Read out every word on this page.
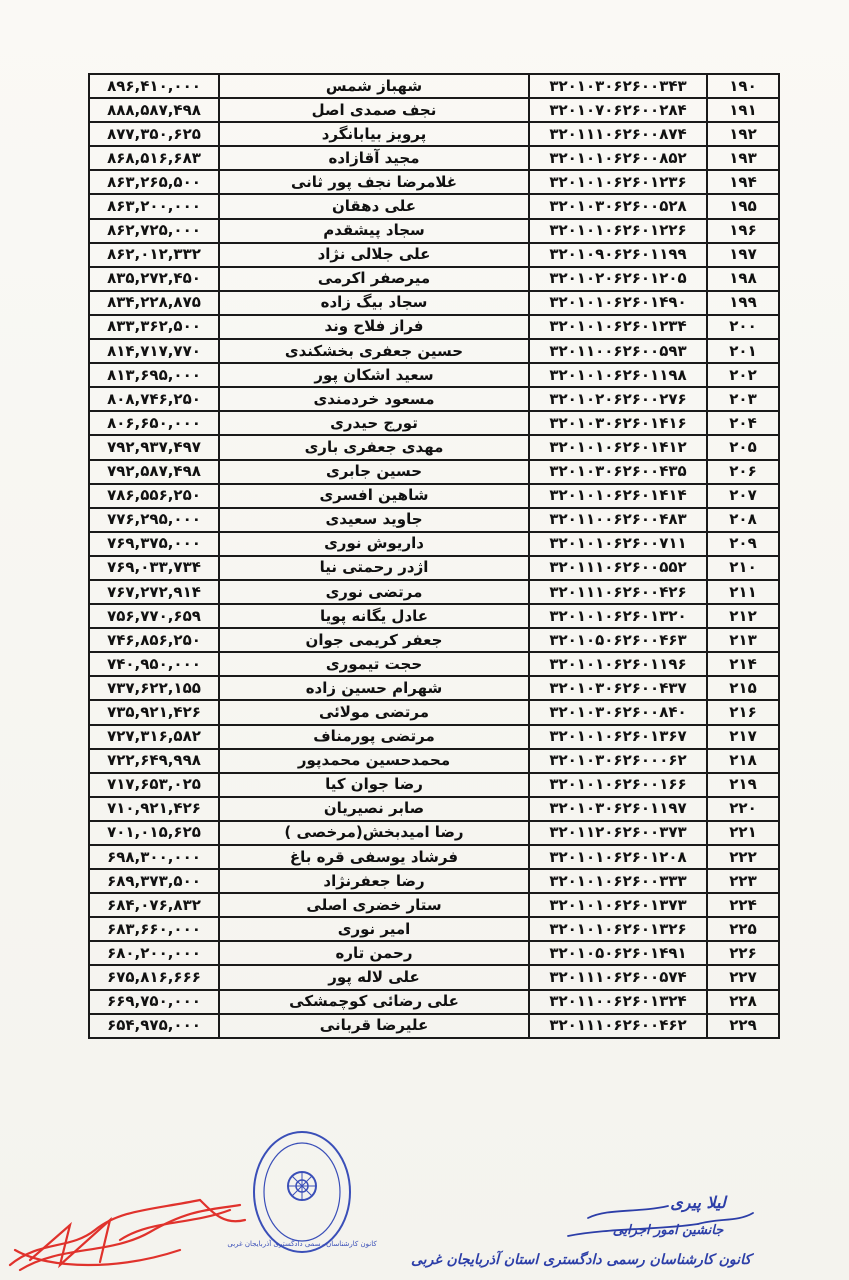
۱۹۰	۳۲۰۱۰۳۰۶۲۶۰۰۳۴۳	شهباز شمس	۸۹۶,۴۱۰,۰۰۰
۱۹۱	۳۲۰۱۰۷۰۶۲۶۰۰۲۸۴	نجف صمدی اصل	۸۸۸,۵۸۷,۴۹۸
۱۹۲	۳۲۰۱۱۱۰۶۲۶۰۰۸۷۴	پرویز بیابانگرد	۸۷۷,۳۵۰,۶۲۵
۱۹۳	۳۲۰۱۰۱۰۶۲۶۰۰۸۵۲	مجید آقازاده	۸۶۸,۵۱۶,۶۸۳
۱۹۴	۳۲۰۱۰۱۰۶۲۶۰۱۲۳۶	غلامرضا نجف پور ثانی	۸۶۳,۲۶۵,۵۰۰
۱۹۵	۳۲۰۱۰۳۰۶۲۶۰۰۵۲۸	علی دهقان	۸۶۳,۲۰۰,۰۰۰
۱۹۶	۳۲۰۱۰۱۰۶۲۶۰۱۲۲۶	سجاد پیشقدم	۸۶۲,۷۲۵,۰۰۰
۱۹۷	۳۲۰۱۰۹۰۶۲۶۰۱۱۹۹	علی جلالی نژاد	۸۶۲,۰۱۲,۳۳۲
۱۹۸	۳۲۰۱۰۲۰۶۲۶۰۱۲۰۵	میرصفر اکرمی	۸۳۵,۲۷۲,۴۵۰
۱۹۹	۳۲۰۱۰۱۰۶۲۶۰۱۴۹۰	سجاد بیگ زاده	۸۳۴,۲۲۸,۸۷۵
۲۰۰	۳۲۰۱۰۱۰۶۲۶۰۱۲۳۴	فراز فلاح وند	۸۳۳,۳۶۲,۵۰۰
۲۰۱	۳۲۰۱۱۰۰۶۲۶۰۰۵۹۳	حسین جعفری بخشکندی	۸۱۴,۷۱۷,۷۷۰
۲۰۲	۳۲۰۱۰۱۰۶۲۶۰۱۱۹۸	سعید اشکان پور	۸۱۳,۶۹۵,۰۰۰
۲۰۳	۳۲۰۱۰۲۰۶۲۶۰۰۲۷۶	مسعود خردمندی	۸۰۸,۷۴۶,۲۵۰
۲۰۴	۳۲۰۱۰۳۰۶۲۶۰۱۴۱۶	تورج حیدری	۸۰۶,۶۵۰,۰۰۰
۲۰۵	۳۲۰۱۰۱۰۶۲۶۰۱۴۱۲	مهدی جعفری باری	۷۹۲,۹۳۷,۴۹۷
۲۰۶	۳۲۰۱۰۳۰۶۲۶۰۰۴۳۵	حسین جابری	۷۹۲,۵۸۷,۴۹۸
۲۰۷	۳۲۰۱۰۱۰۶۲۶۰۱۴۱۴	شاهین افسری	۷۸۶,۵۵۶,۲۵۰
۲۰۸	۳۲۰۱۱۰۰۶۲۶۰۰۴۸۳	جاوید سعیدی	۷۷۶,۲۹۵,۰۰۰
۲۰۹	۳۲۰۱۰۱۰۶۲۶۰۰۷۱۱	داریوش نوری	۷۶۹,۳۷۵,۰۰۰
۲۱۰	۳۲۰۱۱۱۰۶۲۶۰۰۵۵۲	اژدر رحمتی نیا	۷۶۹,۰۳۳,۷۳۴
۲۱۱	۳۲۰۱۱۱۰۶۲۶۰۰۴۲۶	مرتضی نوری	۷۶۷,۲۷۲,۹۱۴
۲۱۲	۳۲۰۱۰۱۰۶۲۶۰۱۳۲۰	عادل یگانه پویا	۷۵۶,۷۷۰,۶۵۹
۲۱۳	۳۲۰۱۰۵۰۶۲۶۰۰۴۶۳	جعفر کریمی جوان	۷۴۶,۸۵۶,۲۵۰
۲۱۴	۳۲۰۱۰۱۰۶۲۶۰۱۱۹۶	حجت تیموری	۷۴۰,۹۵۰,۰۰۰
۲۱۵	۳۲۰۱۰۳۰۶۲۶۰۰۴۳۷	شهرام حسین زاده	۷۳۷,۶۲۲,۱۵۵
۲۱۶	۳۲۰۱۰۳۰۶۲۶۰۰۸۴۰	مرتضی مولائی	۷۳۵,۹۲۱,۴۲۶
۲۱۷	۳۲۰۱۰۱۰۶۲۶۰۱۳۶۷	مرتضی پورمناف	۷۲۷,۳۱۶,۵۸۲
۲۱۸	۳۲۰۱۰۳۰۶۲۶۰۰۰۶۲	محمدحسین محمدپور	۷۲۲,۶۴۹,۹۹۸
۲۱۹	۳۲۰۱۰۱۰۶۲۶۰۰۱۶۶	رضا جوان کیا	۷۱۷,۶۵۳,۰۲۵
۲۲۰	۳۲۰۱۰۳۰۶۲۶۰۱۱۹۷	صابر نصیریان	۷۱۰,۹۲۱,۴۲۶
۲۲۱	۳۲۰۱۱۲۰۶۲۶۰۰۳۷۳	رضا امیدبخش(مرخصی )	۷۰۱,۰۱۵,۶۲۵
۲۲۲	۳۲۰۱۰۱۰۶۲۶۰۱۲۰۸	فرشاد یوسفی قره باغ	۶۹۸,۳۰۰,۰۰۰
۲۲۳	۳۲۰۱۰۱۰۶۲۶۰۰۳۳۳	رضا جعفرنژاد	۶۸۹,۳۷۳,۵۰۰
۲۲۴	۳۲۰۱۰۱۰۶۲۶۰۱۳۷۳	ستار خضری اصلی	۶۸۴,۰۷۶,۸۳۲
۲۲۵	۳۲۰۱۰۱۰۶۲۶۰۱۳۲۶	امیر نوری	۶۸۳,۶۶۰,۰۰۰
۲۲۶	۳۲۰۱۰۵۰۶۲۶۰۱۴۹۱	رحمن تاره	۶۸۰,۲۰۰,۰۰۰
۲۲۷	۳۲۰۱۱۱۰۶۲۶۰۰۵۷۴	علی لاله پور	۶۷۵,۸۱۶,۶۶۶
۲۲۸	۳۲۰۱۱۰۰۶۲۶۰۱۳۲۴	علی رضائی کوچمشکی	۶۶۹,۷۵۰,۰۰۰
۲۲۹	۳۲۰۱۱۱۰۶۲۶۰۰۴۶۲	علیرضا قربانی	۶۵۴,۹۷۵,۰۰۰
کانون کارشناسان رسمی دادگستری آذربایجان غربی
لیلا پیری
جانشین امور اجرایی
کانون کارشناسان رسمی دادگستری استان آذربایجان غربی
